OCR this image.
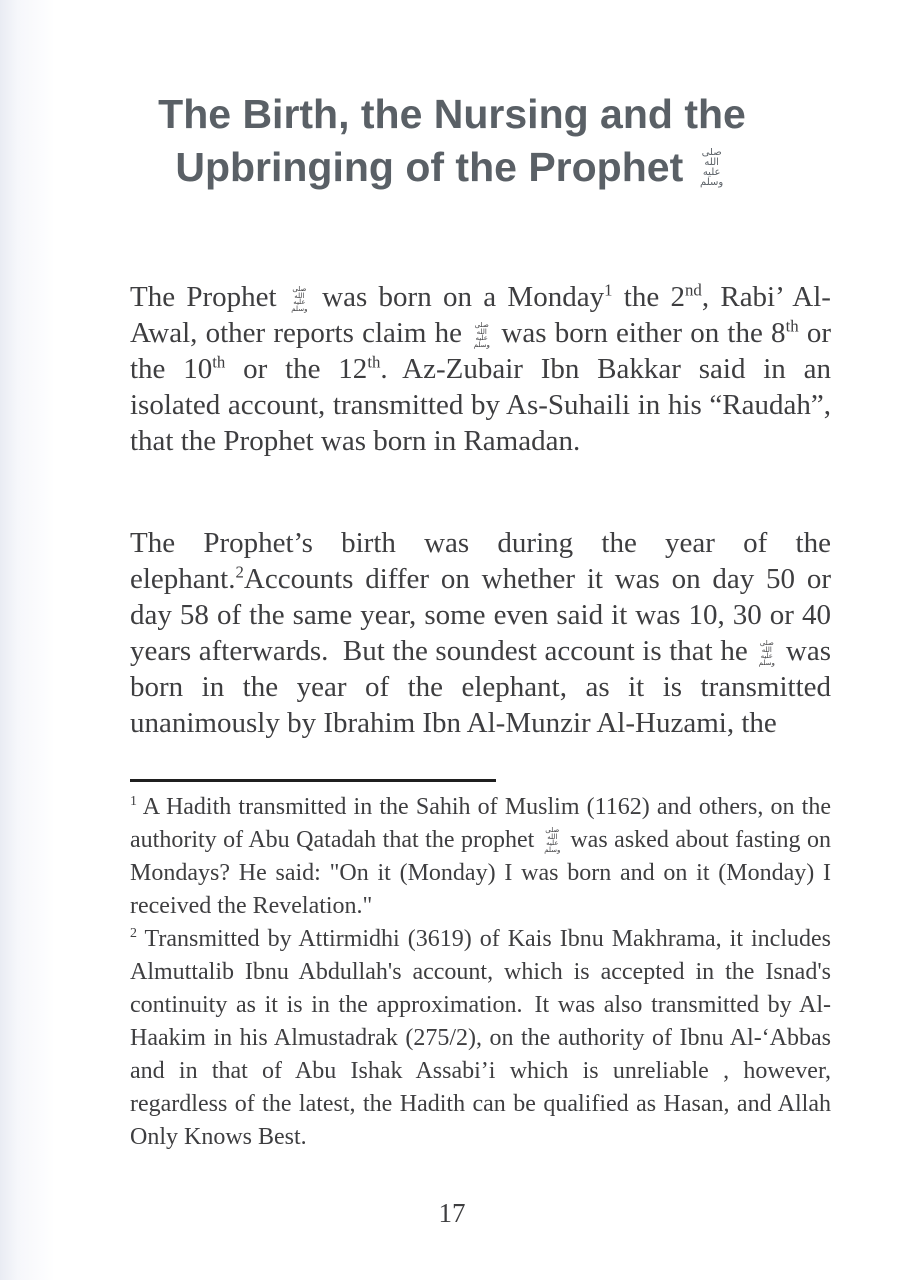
The Birth, the Nursing and the
Upbringing of the Prophet صلى الله عليه وسلم

The Prophet صلى الله عليه وسلم was born on a Monday$^1$ the 2nd, Rabi’ Al-Awal, other reports claim he صلى الله عليه وسلم was born either on the 8th or the 10th or the 12th. Az-Zubair Ibn Bakkar said in an isolated account, transmitted by As-Suhaili in his “Raudah”, that the Prophet was born in Ramadan.

The Prophet’s birth was during the year of the elephant.$^2$Accounts differ on whether it was on day 50 or day 58 of the same year, some even said it was 10, 30 or 40 years afterwards. But the soundest account is that he صلى الله عليه وسلم was born in the year of the elephant, as it is transmitted unanimously by Ibrahim Ibn Al-Munzir Al-Huzami, the

$^1$ A Hadith transmitted in the Sahih of Muslim (1162) and others, on the authority of Abu Qatadah that the prophet صلى الله عليه وسلم was asked about fasting on Mondays? He said: "On it (Monday) I was born and on it (Monday) I received the Revelation."

$^2$ Transmitted by Attirmidhi (3619) of Kais Ibnu Makhrama, it includes Almuttalib Ibnu Abdullah's account, which is accepted in the Isnad's continuity as it is in the approximation. It was also transmitted by Al-Haakim in his Almustadrak (275/2), on the authority of Ibnu Al-‘Abbas and in that of Abu Ishak Assabi’i which is unreliable , however, regardless of the latest, the Hadith can be qualified as Hasan, and Allah Only Knows Best.

17
